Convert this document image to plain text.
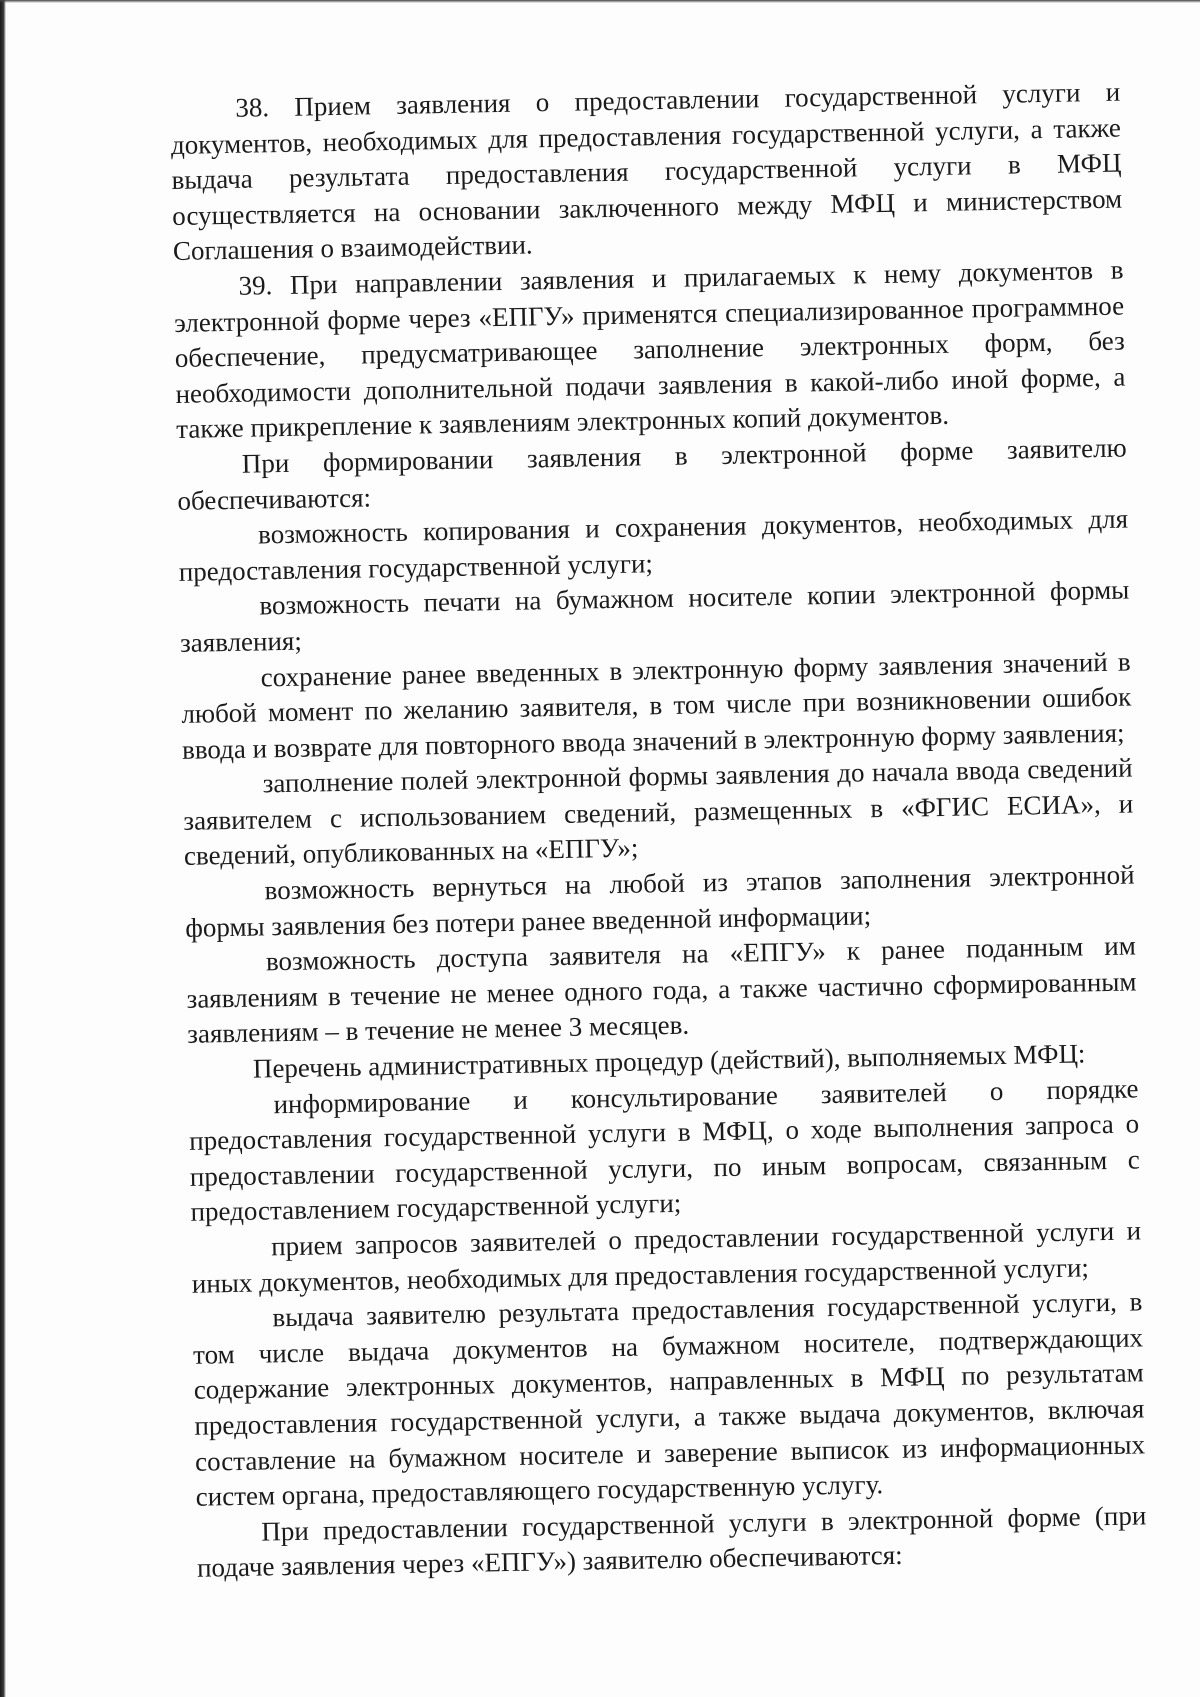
38. Прием заявления о предоставлении государственной услуги и документов, необходимых для предоставления государственной услуги, а также выдача результата предоставления государственной услуги в МФЦ осуществляется на основании заключенного между МФЦ и министерством Соглашения о взаимодействии.

39. При направлении заявления и прилагаемых к нему документов в электронной форме через «ЕПГУ» применятся специализированное программное обеспечение, предусматривающее заполнение электронных форм, без необходимости дополнительной подачи заявления в какой-либо иной форме, а также прикрепление к заявлениям электронных копий документов.

При формировании заявления в электронной форме заявителю обеспечиваются:

возможность копирования и сохранения документов, необходимых для предоставления государственной услуги;

возможность печати на бумажном носителе копии электронной формы заявления;

сохранение ранее введенных в электронную форму заявления значений в любой момент по желанию заявителя, в том числе при возникновении ошибок ввода и возврате для повторного ввода значений в электронную форму заявления;

заполнение полей электронной формы заявления до начала ввода сведений заявителем с использованием сведений, размещенных в «ФГИС ЕСИА», и сведений, опубликованных на «ЕПГУ»;

возможность вернуться на любой из этапов заполнения электронной формы заявления без потери ранее введенной информации;

возможность доступа заявителя на «ЕПГУ» к ранее поданным им заявлениям в течение не менее одного года, а также частично сформированным заявлениям – в течение не менее 3 месяцев.

Перечень административных процедур (действий), выполняемых МФЦ:

информирование и консультирование заявителей о порядке предоставления государственной услуги в МФЦ, о ходе выполнения запроса о предоставлении государственной услуги, по иным вопросам, связанным с предоставлением государственной услуги;

прием запросов заявителей о предоставлении государственной услуги и иных документов, необходимых для предоставления государственной услуги;

выдача заявителю результата предоставления государственной услуги, в том числе выдача документов на бумажном носителе, подтверждающих содержание электронных документов, направленных в МФЦ по результатам предоставления государственной услуги, а также выдача документов, включая составление на бумажном носителе и заверение выписок из информационных систем органа, предоставляющего государственную услугу.

При предоставлении государственной услуги в электронной форме (при подаче заявления через «ЕПГУ») заявителю обеспечиваются:
